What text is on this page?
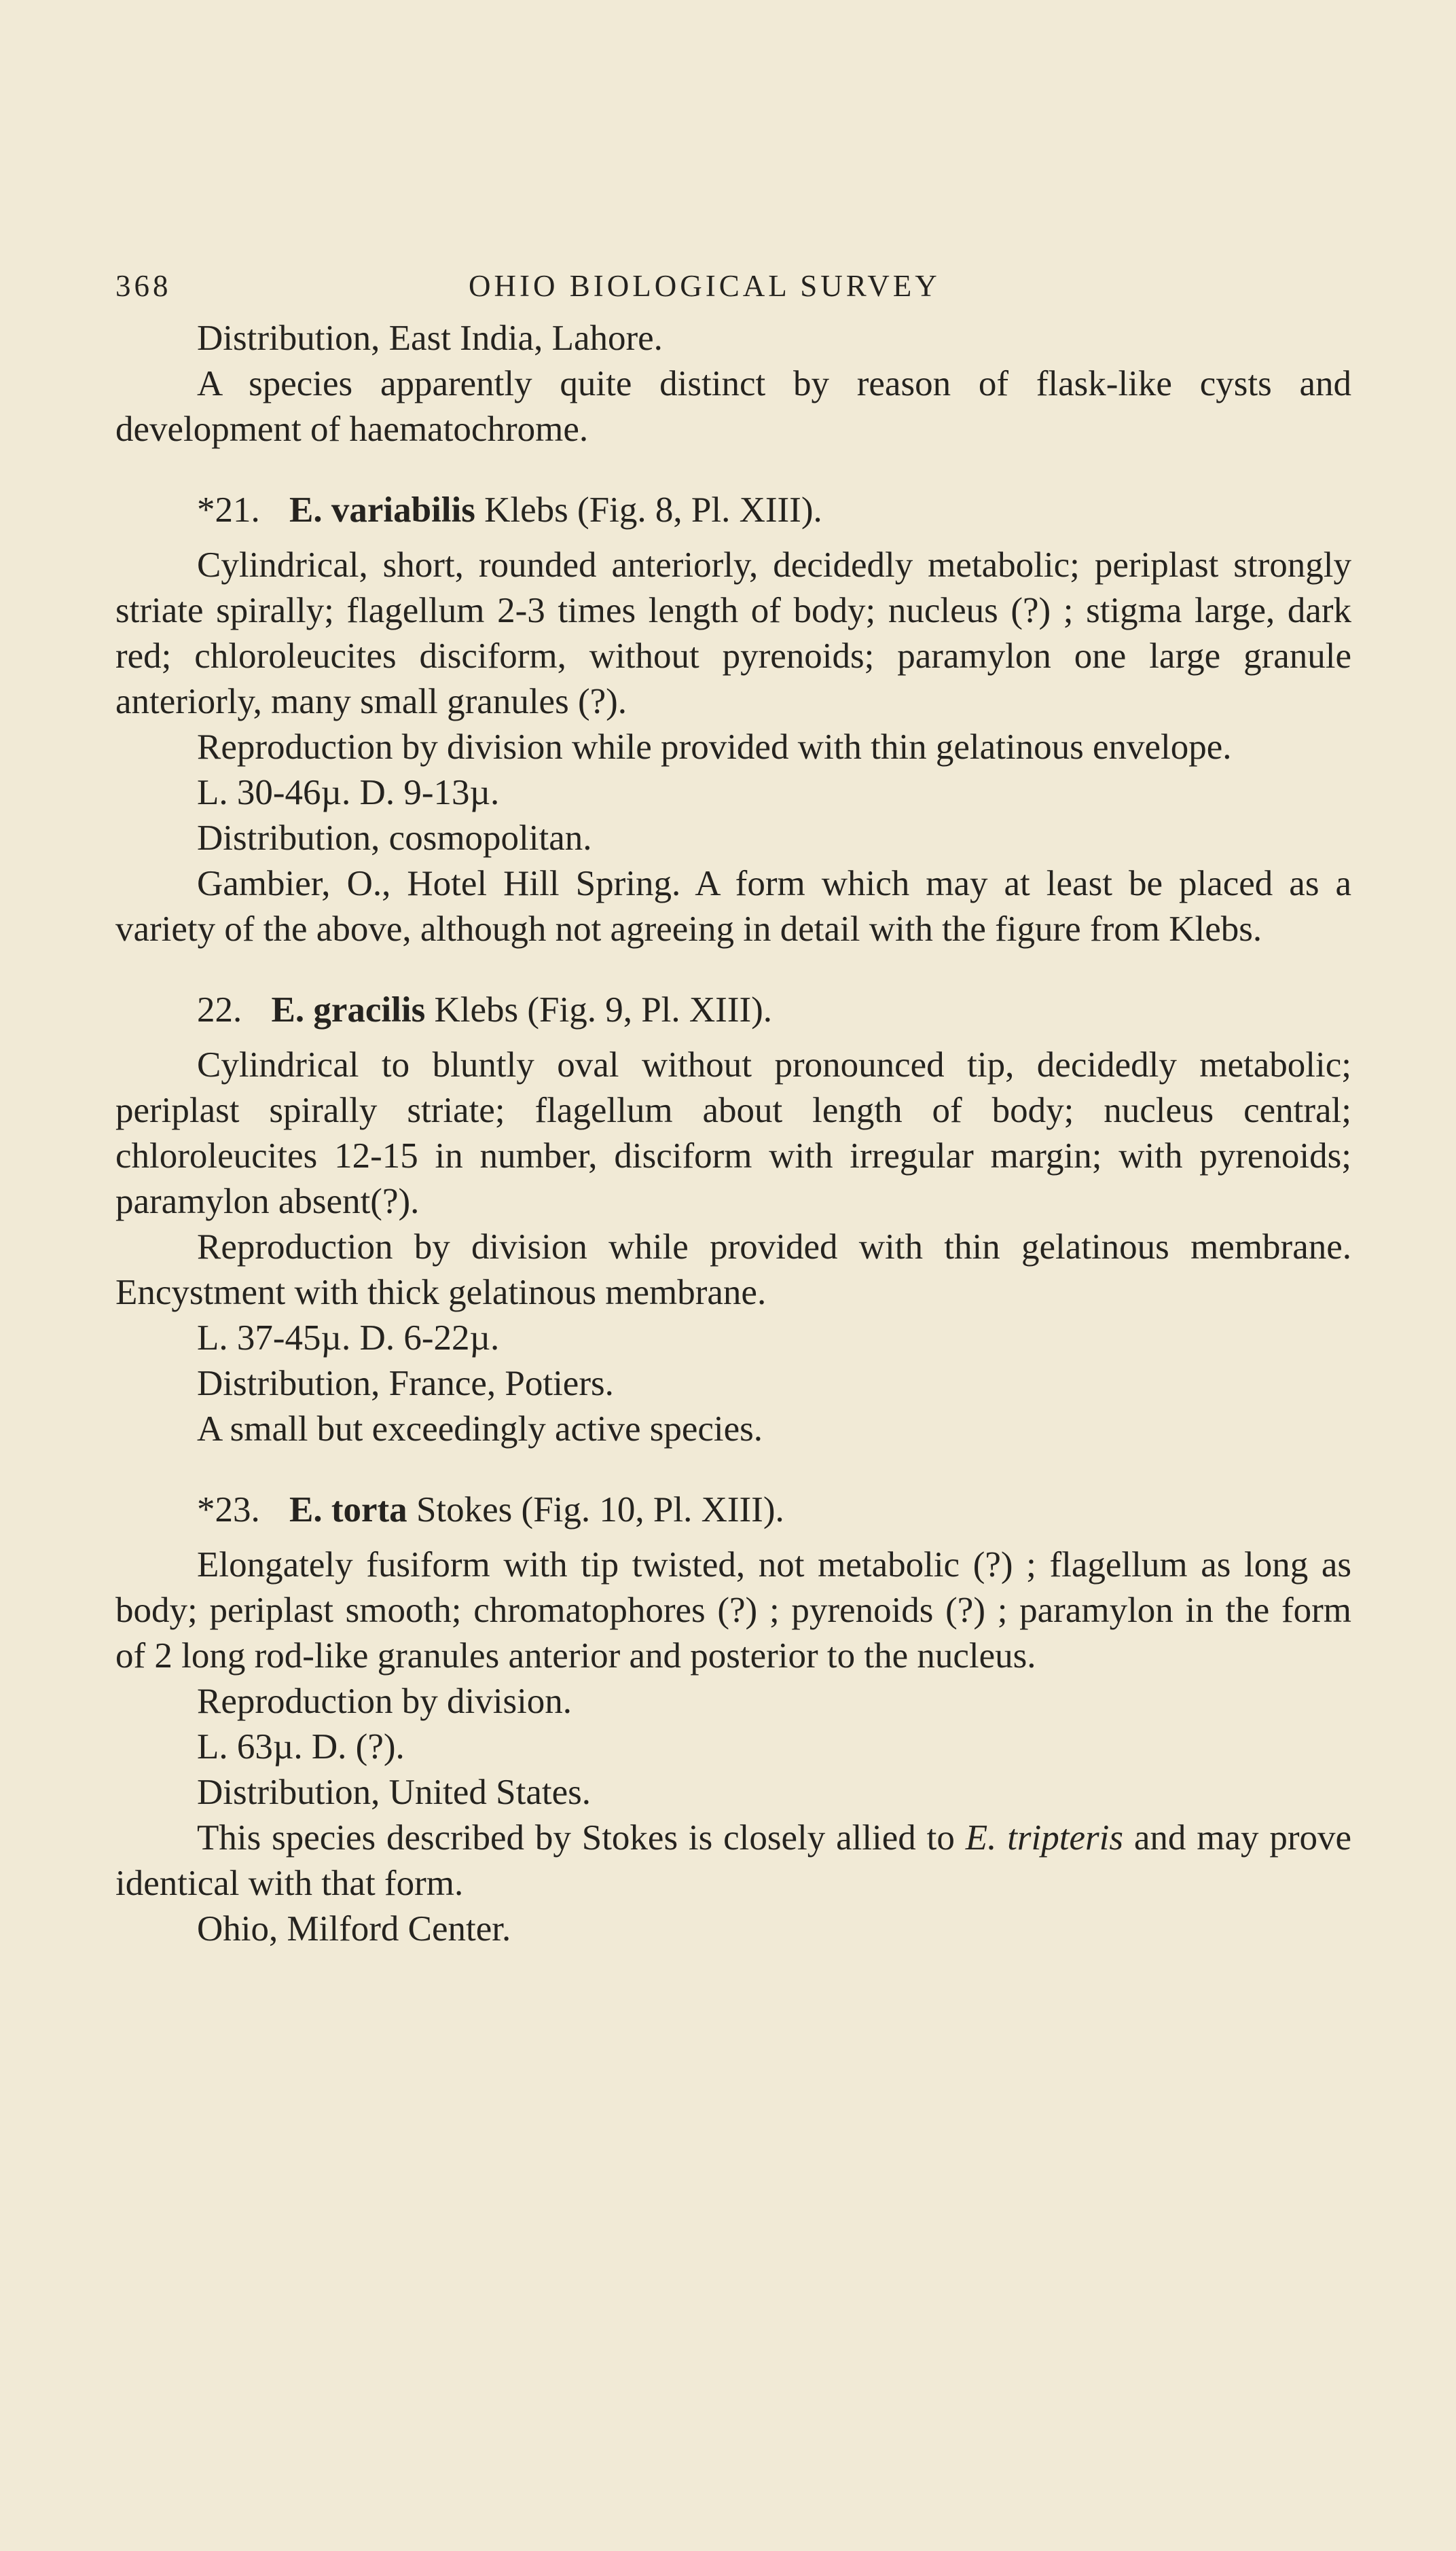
368	OHIO BIOLOGICAL SURVEY

Distribution, East India, Lahore.

A species apparently quite distinct by reason of flask-like cysts and development of haematochrome.

*21. E. variabilis Klebs (Fig. 8, Pl. XIII).

Cylindrical, short, rounded anteriorly, decidedly metabolic; periplast strongly striate spirally; flagellum 2-3 times length of body; nucleus (?) ; stigma large, dark red; chloroleucites disciform, without pyrenoids; paramylon one large granule anteriorly, many small granules (?).

Reproduction by division while provided with thin gelatinous envelope.

L. 30-46µ. D. 9-13µ.

Distribution, cosmopolitan.

Gambier, O., Hotel Hill Spring. A form which may at least be placed as a variety of the above, although not agreeing in detail with the figure from Klebs.

22. E. gracilis Klebs (Fig. 9, Pl. XIII).

Cylindrical to bluntly oval without pronounced tip, decidedly metabolic; periplast spirally striate; flagellum about length of body; nucleus central; chloroleucites 12-15 in number, disciform with irregular margin; with pyrenoids; paramylon absent(?).

Reproduction by division while provided with thin gelatinous membrane. Encystment with thick gelatinous membrane.

L. 37-45µ. D. 6-22µ.

Distribution, France, Potiers.

A small but exceedingly active species.

*23. E. torta Stokes (Fig. 10, Pl. XIII).

Elongately fusiform with tip twisted, not metabolic (?) ; flagellum as long as body; periplast smooth; chromatophores (?) ; pyrenoids (?) ; paramylon in the form of 2 long rod-like granules anterior and posterior to the nucleus.

Reproduction by division.

L. 63µ. D. (?).

Distribution, United States.

This species described by Stokes is closely allied to E. tripteris and may prove identical with that form.

Ohio, Milford Center.
